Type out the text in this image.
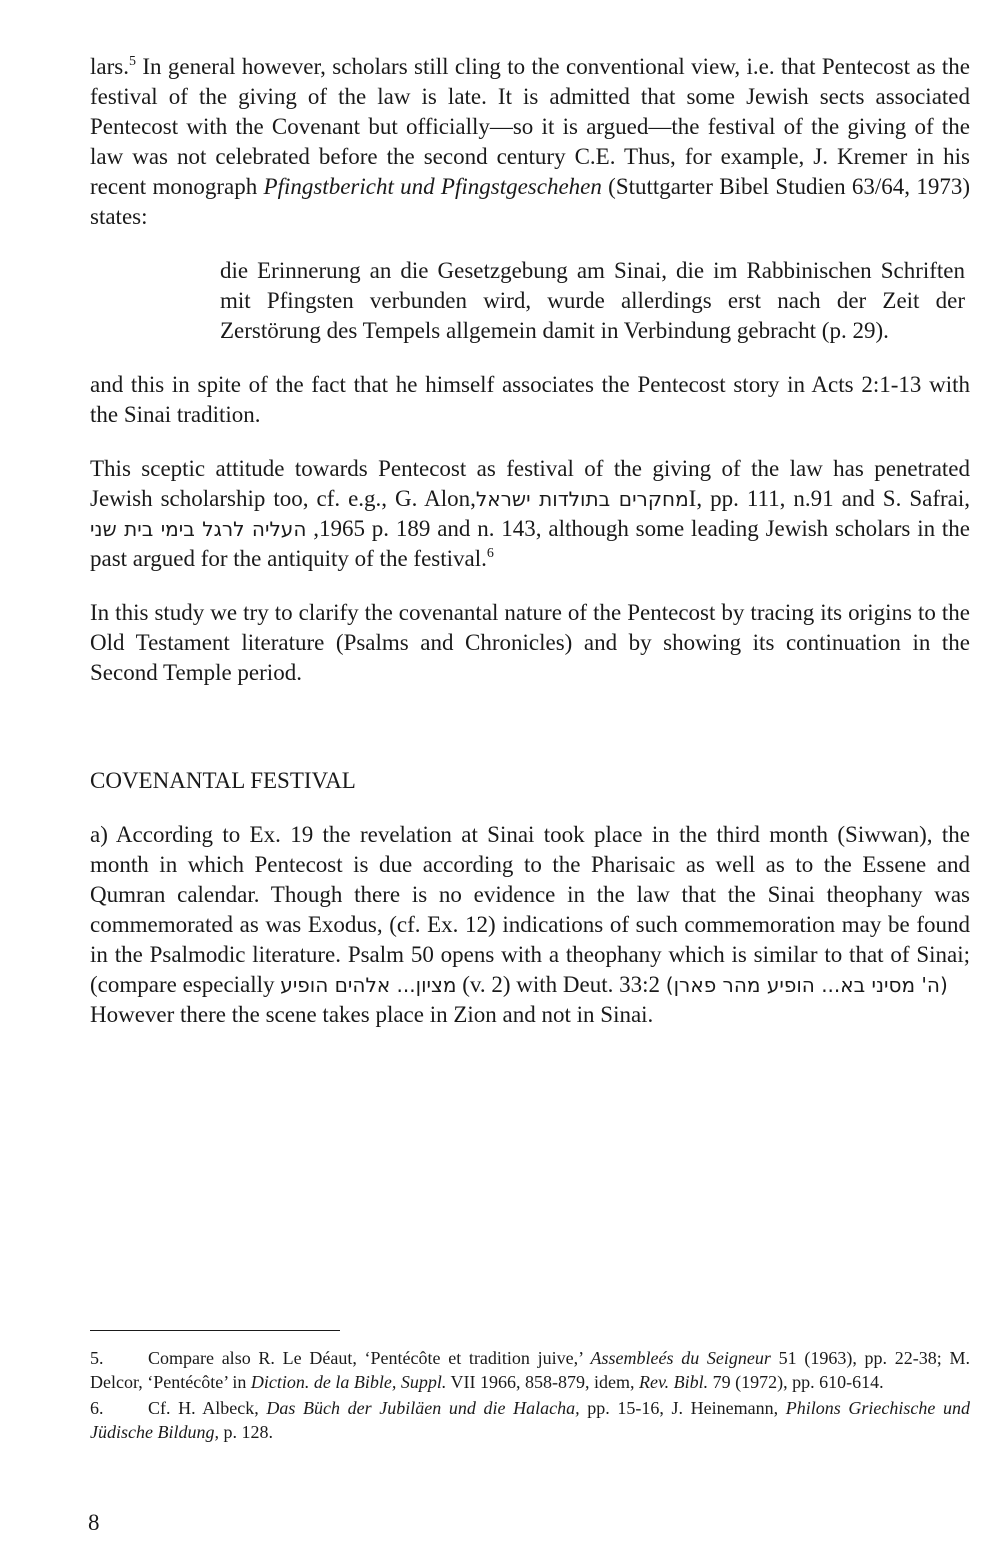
lars.$^5$ In general however, scholars still cling to the conventional view, i.e. that Pentecost as the festival of the giving of the law is late. It is admitted that some Jewish sects associated Pentecost with the Covenant but officially—so it is argued—the festival of the giving of the law was not celebrated before the second century C.E. Thus, for example, J. Kremer in his recent monograph Pfingstbericht und Pfingstgeschehen (Stuttgarter Bibel Studien 63/64, 1973) states:

die Erinnerung an die Gesetzgebung am Sinai, die im Rabbinischen Schriften mit Pfingsten verbunden wird, wurde allerdings erst nach der Zeit der Zerstörung des Tempels allgemein damit in Verbindung gebracht (p. 29).

and this in spite of the fact that he himself associates the Pentecost story in Acts 2:1-13 with the Sinai tradition.

This sceptic attitude towards Pentecost as festival of the giving of the law has penetrated Jewish scholarship too, cf. e.g., G. Alon,מחקרים בתולדות ישראלI, pp. 111, n.91 and S. Safrai, העליה לרגל בימי בית שני ,1965 p. 189 and n. 143, although some leading Jewish scholars in the past argued for the antiquity of the festival.$^6$

In this study we try to clarify the covenantal nature of the Pentecost by tracing its origins to the Old Testament literature (Psalms and Chronicles) and by showing its continuation in the Second Temple period.

COVENANTAL FESTIVAL

a) According to Ex. 19 the revelation at Sinai took place in the third month (Siwwan), the month in which Pentecost is due according to the Pharisaic as well as to the Essene and Qumran calendar. Though there is no evidence in the law that the Sinai theophany was commemorated as was Exodus, (cf. Ex. 12) indications of such commemoration may be found in the Psalmodic literature. Psalm 50 opens with a theophany which is similar to that of Sinai; (compare especially מציון... אלהים הופיע (v. 2) with Deut. 33:2 (ה' מסיני בא... הופיע מהר פארן)
However there the scene takes place in Zion and not in Sinai.

5. Compare also R. Le Déaut, ‘Pentécôte et tradition juive,’ Assembleés du Seigneur 51 (1963), pp. 22-38; M. Delcor, ‘Pentécôte’ in Diction. de la Bible, Suppl. VII 1966, 858-879, idem, Rev. Bibl. 79 (1972), pp. 610-614.

6. Cf. H. Albeck, Das Büch der Jubiläen und die Halacha, pp. 15-16, J. Heinemann, Philons Griechische und Jüdische Bildung, p. 128.

8
